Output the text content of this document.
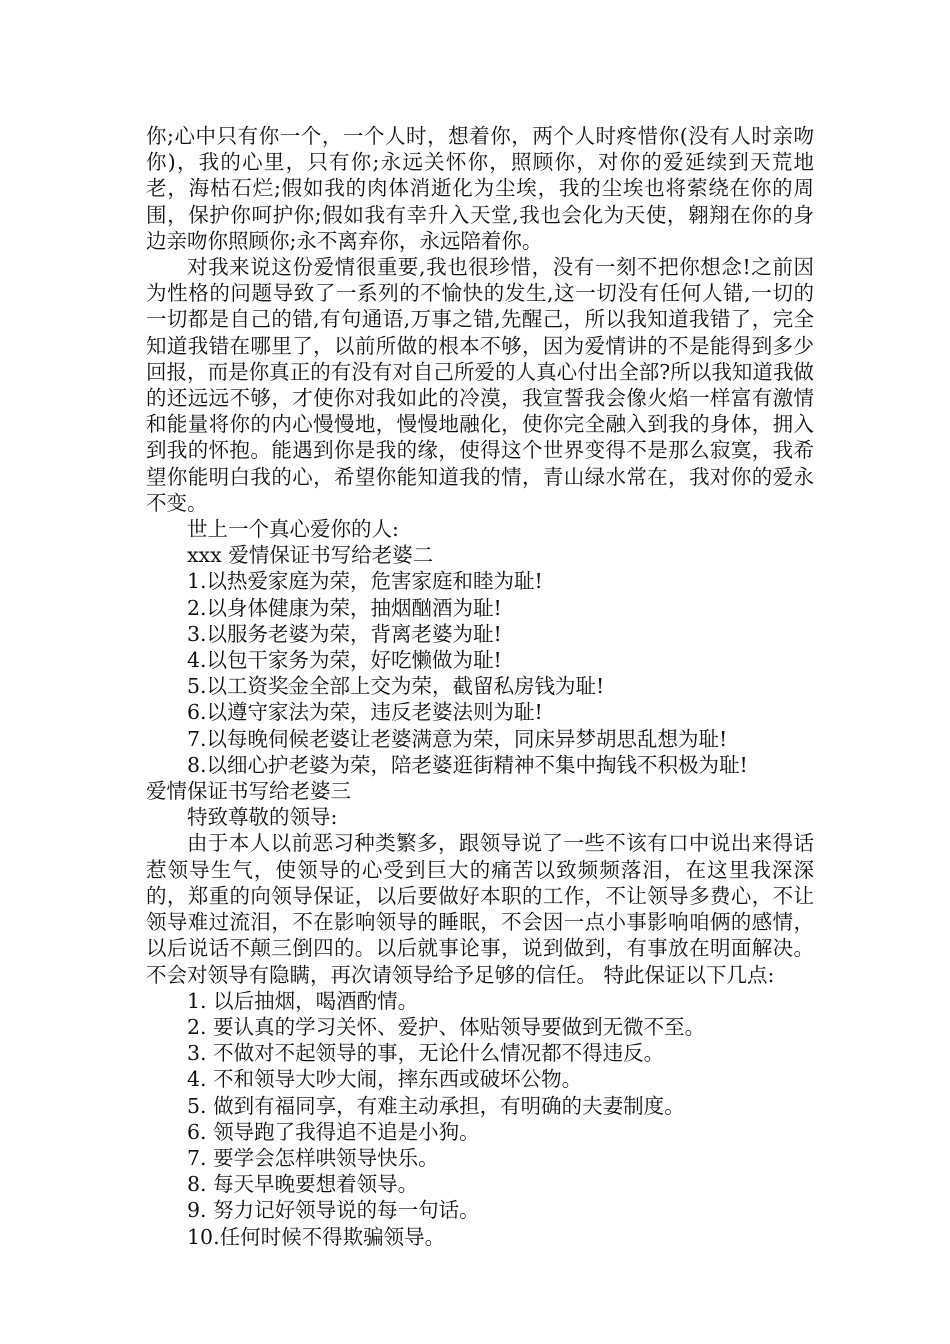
你;心中只有你一个，一个人时，想着你，两个人时疼惜你(没有人时亲吻你)，我的心里，只有你;永远关怀你，照顾你，对你的爱延续到天荒地老，海枯石烂;假如我的肉体消逝化为尘埃，我的尘埃也将萦绕在你的周围，保护你呵护你;假如我有幸升入天堂,我也会化为天使，翱翔在你的身边亲吻你照顾你;永不离弃你，永远陪着你。

对我来说这份爱情很重要,我也很珍惜，没有一刻不把你想念!之前因为性格的问题导致了一系列的不愉快的发生,这一切没有任何人错,一切的一切都是自己的错,有句通语,万事之错,先醒己，所以我知道我错了，完全知道我错在哪里了，以前所做的根本不够，因为爱情讲的不是能得到多少回报，而是你真正的有没有对自己所爱的人真心付出全部?所以我知道我做的还远远不够，才使你对我如此的冷漠，我宣誓我会像火焰一样富有激情和能量将你的内心慢慢地，慢慢地融化，使你完全融入到我的身体，拥入到我的怀抱。能遇到你是我的缘，使得这个世界变得不是那么寂寞，我希望你能明白我的心，希望你能知道我的情，青山绿水常在，我对你的爱永不变。

世上一个真心爱你的人:

xxx 爱情保证书写给老婆二

1.以热爱家庭为荣，危害家庭和睦为耻!

2.以身体健康为荣，抽烟酗酒为耻!

3.以服务老婆为荣，背离老婆为耻!

4.以包干家务为荣，好吃懒做为耻!

5.以工资奖金全部上交为荣，截留私房钱为耻!

6.以遵守家法为荣，违反老婆法则为耻!

7.以每晚伺候老婆让老婆满意为荣，同床异梦胡思乱想为耻!

8.以细心护老婆为荣，陪老婆逛街精神不集中掏钱不积极为耻!

爱情保证书写给老婆三

特致尊敬的领导:

由于本人以前恶习种类繁多，跟领导说了一些不该有口中说出来得话惹领导生气，使领导的心受到巨大的痛苦以致频频落泪，在这里我深深的，郑重的向领导保证，以后要做好本职的工作，不让领导多费心，不让领导难过流泪，不在影响领导的睡眠，不会因一点小事影响咱俩的感情，以后说话不颠三倒四的。以后就事论事，说到做到，有事放在明面解决。不会对领导有隐瞒，再次请领导给予足够的信任。 特此保证以下几点:

1. 以后抽烟，喝酒酌情。

2. 要认真的学习关怀、爱护、体贴领导要做到无微不至。

3. 不做对不起领导的事，无论什么情况都不得违反。

4. 不和领导大吵大闹，摔东西或破坏公物。

5. 做到有福同享，有难主动承担，有明确的夫妻制度。

6. 领导跑了我得追不追是小狗。

7. 要学会怎样哄领导快乐。

8. 每天早晚要想着领导。

9. 努力记好领导说的每一句话。

10.任何时候不得欺骗领导。
